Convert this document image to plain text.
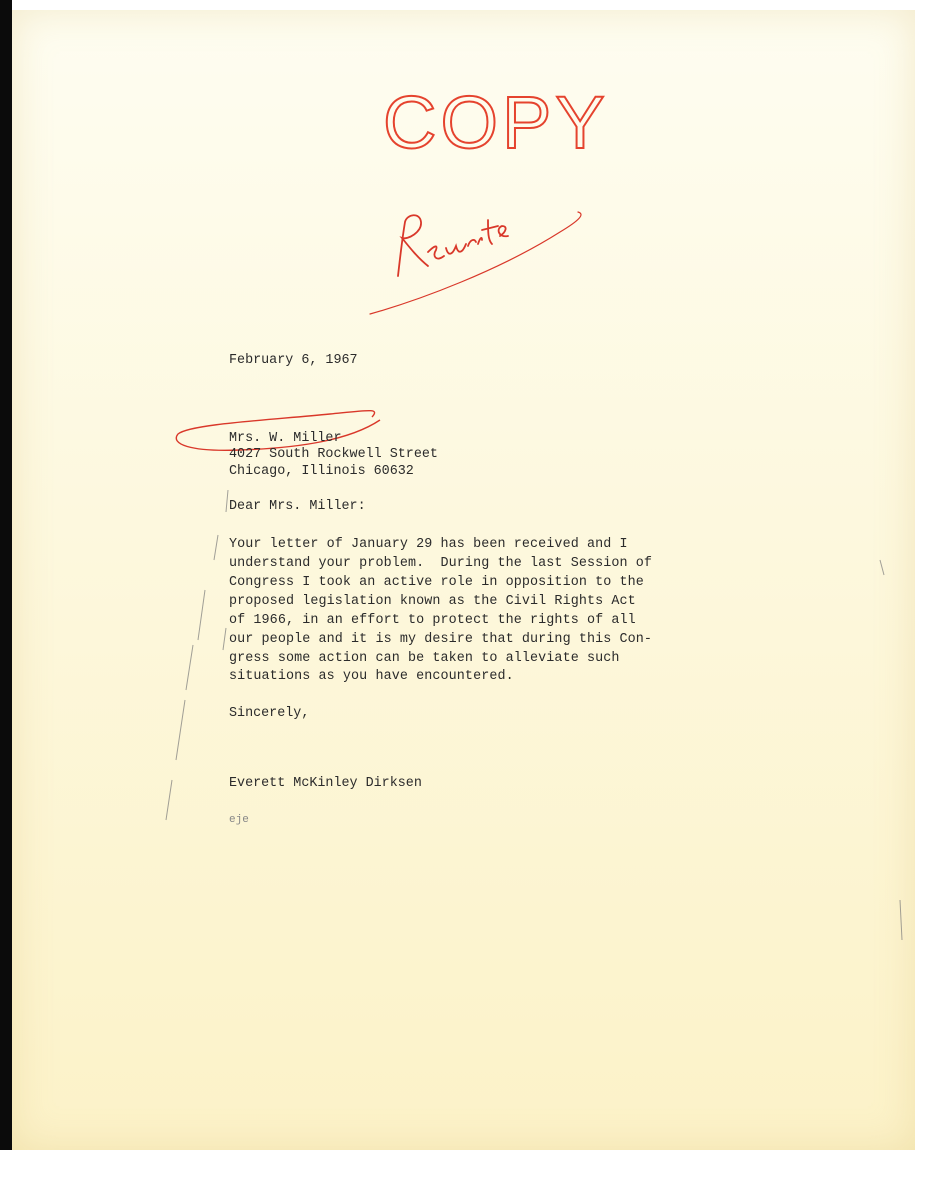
COPY
February 6, 1967
Mrs. W. Miller
4027 South Rockwell Street
Chicago, Illinois 60632
Dear Mrs. Miller:
Your letter of January 29 has been received and I
understand your problem.  During the last Session of
Congress I took an active role in opposition to the
proposed legislation known as the Civil Rights Act
of 1966, in an effort to protect the rights of all
our people and it is my desire that during this Con-
gress some action can be taken to alleviate such
situations as you have encountered.
Sincerely,
Everett McKinley Dirksen
eje
